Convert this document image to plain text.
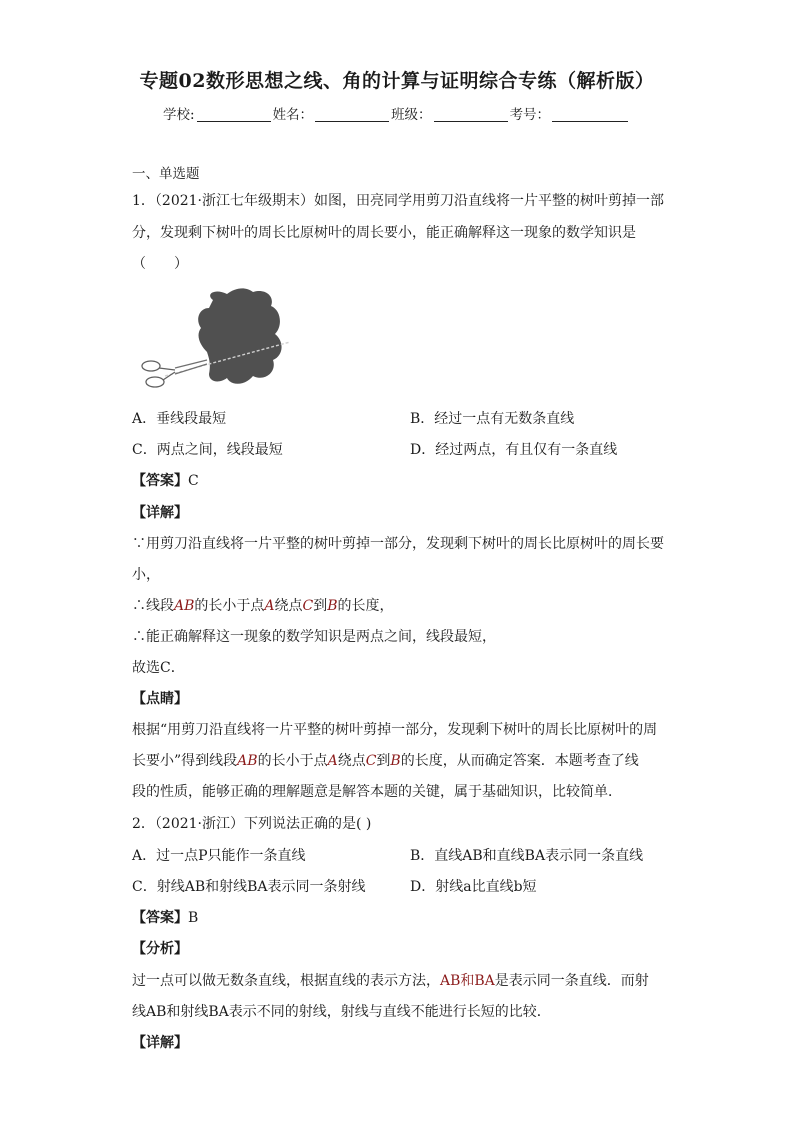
专题02数形思想之线、角的计算与证明综合专练（解析版）
学校:	姓名：	班级：	考号：
一、单选题
1．（2021·浙江七年级期末）如图，田亮同学用剪刀沿直线将一片平整的树叶剪掉一部
分，发现剩下树叶的周长比原树叶的周长要小，能正确解释这一现象的数学知识是
（　　）
A．垂线段最短	B．经过一点有无数条直线
C．两点之间，线段最短	D．经过两点，有且仅有一条直线
【答案】C
【详解】
∵用剪刀沿直线将一片平整的树叶剪掉一部分，发现剩下树叶的周长比原树叶的周长要
小，
∴线段AB的长小于点A绕点C到B的长度，
∴能正确解释这一现象的数学知识是两点之间，线段最短，
故选C．
【点睛】
根据“用剪刀沿直线将一片平整的树叶剪掉一部分，发现剩下树叶的周长比原树叶的周
长要小”得到线段AB的长小于点A绕点C到B的长度，从而确定答案．本题考查了线
段的性质，能够正确的理解题意是解答本题的关键，属于基础知识，比较简单．
2．（2021·浙江）下列说法正确的是( )
A．过一点P只能作一条直线	B．直线AB和直线BA表示同一条直线
C．射线AB和射线BA表示同一条射线	D．射线a比直线b短
【答案】B
【分析】
过一点可以做无数条直线，根据直线的表示方法，AB和BA是表示同一条直线．而射
线AB和射线BA表示不同的射线，射线与直线不能进行长短的比较．
【详解】
